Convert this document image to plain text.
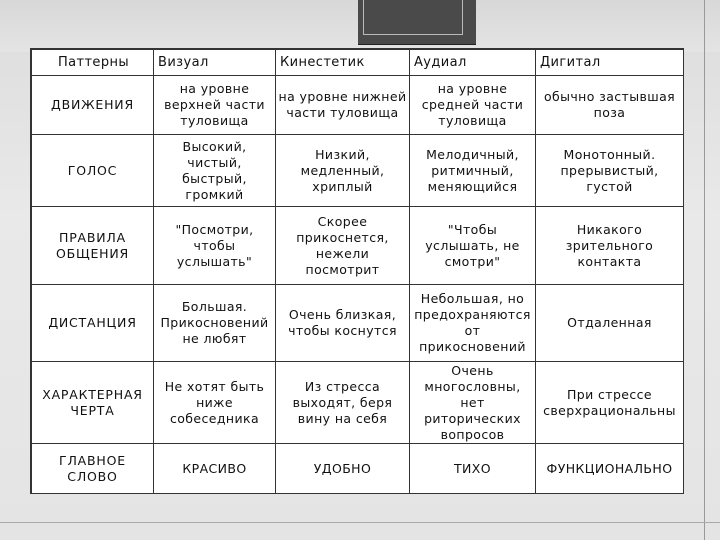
Паттерны	Визуал	Кинестетик	Аудиал	Дигитал
ДВИЖЕНИЯ	на уровне верхней части туловища	на уровне нижней части туловища	на уровне средней части туловища	обычно застывшая поза
ГОЛОС	Высокий, чистый, быстрый, громкий	Низкий, медленный, хриплый	Мелодичный, ритмичный, меняющийся	Монотонный. прерывистый, густой
ПРАВИЛА ОБЩЕНИЯ	"Посмотри, чтобы услышать"	Скорее прикоснется, нежели посмотрит	"Чтобы услышать, не смотри"	Никакого зрительного контакта
ДИСТАНЦИЯ	Большая. Прикосновений не любят	Очень близкая, чтобы коснутся	Небольшая, но предохраняются от прикосновений	Отдаленная
ХАРАКТЕРНАЯ ЧЕРТА	Не хотят быть ниже собеседника	Из стресса выходят, беря вину на себя	Очень многословны, нет риторических вопросов	При стрессе сверхрациональны
ГЛАВНОЕ СЛОВО	КРАСИВО	УДОБНО	ТИХО	ФУНКЦИОНАЛЬНО
